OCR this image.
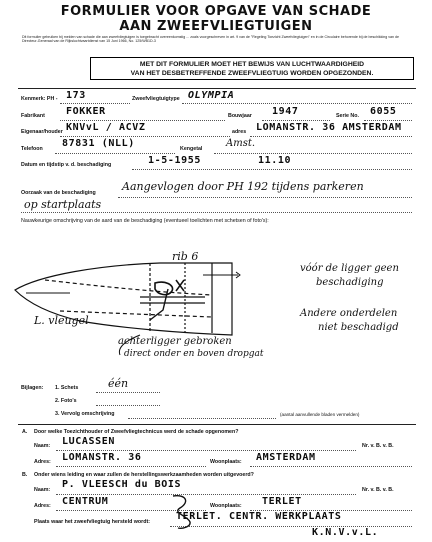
FORMULIER VOOR OPGAVE VAN SCHADE
AAN ZWEEFVLIEGTUIGEN
Dit formulier gebruiken bij melden van schade die aan zweefvliegtuigen is toegebracht overeenkomstig ... zoals voorgeschreven in art. 9 van de "Regeling Toezicht Zweefvliegtuigen" en in de Circulaire behorende bij de beschikking van de Directeur-Generaal van de Rijksluchtvaartdienst van 15 Juni 1966, No. 125/WB1D-3
MET DIT FORMULIER MOET HET BEWIJS VAN LUCHTWAARDIGHEID
VAN HET DESBETREFFENDE ZWEEFVLIEGTUIG WORDEN OPGEZONDEN.
Kenmerk: PH - 173	Zweefvliegtuigtype OLYMPIA
Fabrikant FOKKER	Bouwjaar 1947	Serie No. 6055
Eigenaar/houder KNVvL / ACVZ	adres LOMANSTR. 36 AMSTERDAM
Telefoon 87831 (NLL)	Kengetal Amst.
Datum en tijdstip v. d. beschadiging	1-5-1955	11.10
Oorzaak van de beschadiging Aangevlogen door PH 192 tijdens parkeren
op startplaats
Nauwkeurige omschrijving van de aard van de beschadiging (eventueel toelichten met schetsen of foto's):
rib 6
L. vleugel
vóór de ligger geen
beschadiging
Andere onderdelen
niet beschadigd
achterligger gebroken
direct onder en boven dropgat
Bijlagen: 1. Schets	één
2. Foto's
3. Vervolg omschrijving	(aantal aanvullende bladen vermelden)
A. Door welke Toezichthouder of Zweefvliegtechnicus werd de schade opgenomen?
Naam: LUCASSEN	Nr. v. B. v. B.
Adres: LOMANSTR. 36	Woonplaats: AMSTERDAM
B. Onder wiens leiding en waar zullen de herstellingswerkzaamheden worden uitgevoerd?
Naam: P. VLEESCH du BOIS	Nr. v. B. v. B.
Adres: CENTRUM	Woonplaats: TERLET
Plaats waar het zweefvliegtuig hersteld wordt:	TERLET. CENTR. WERKPLAATS
K.N.V.v.L.
